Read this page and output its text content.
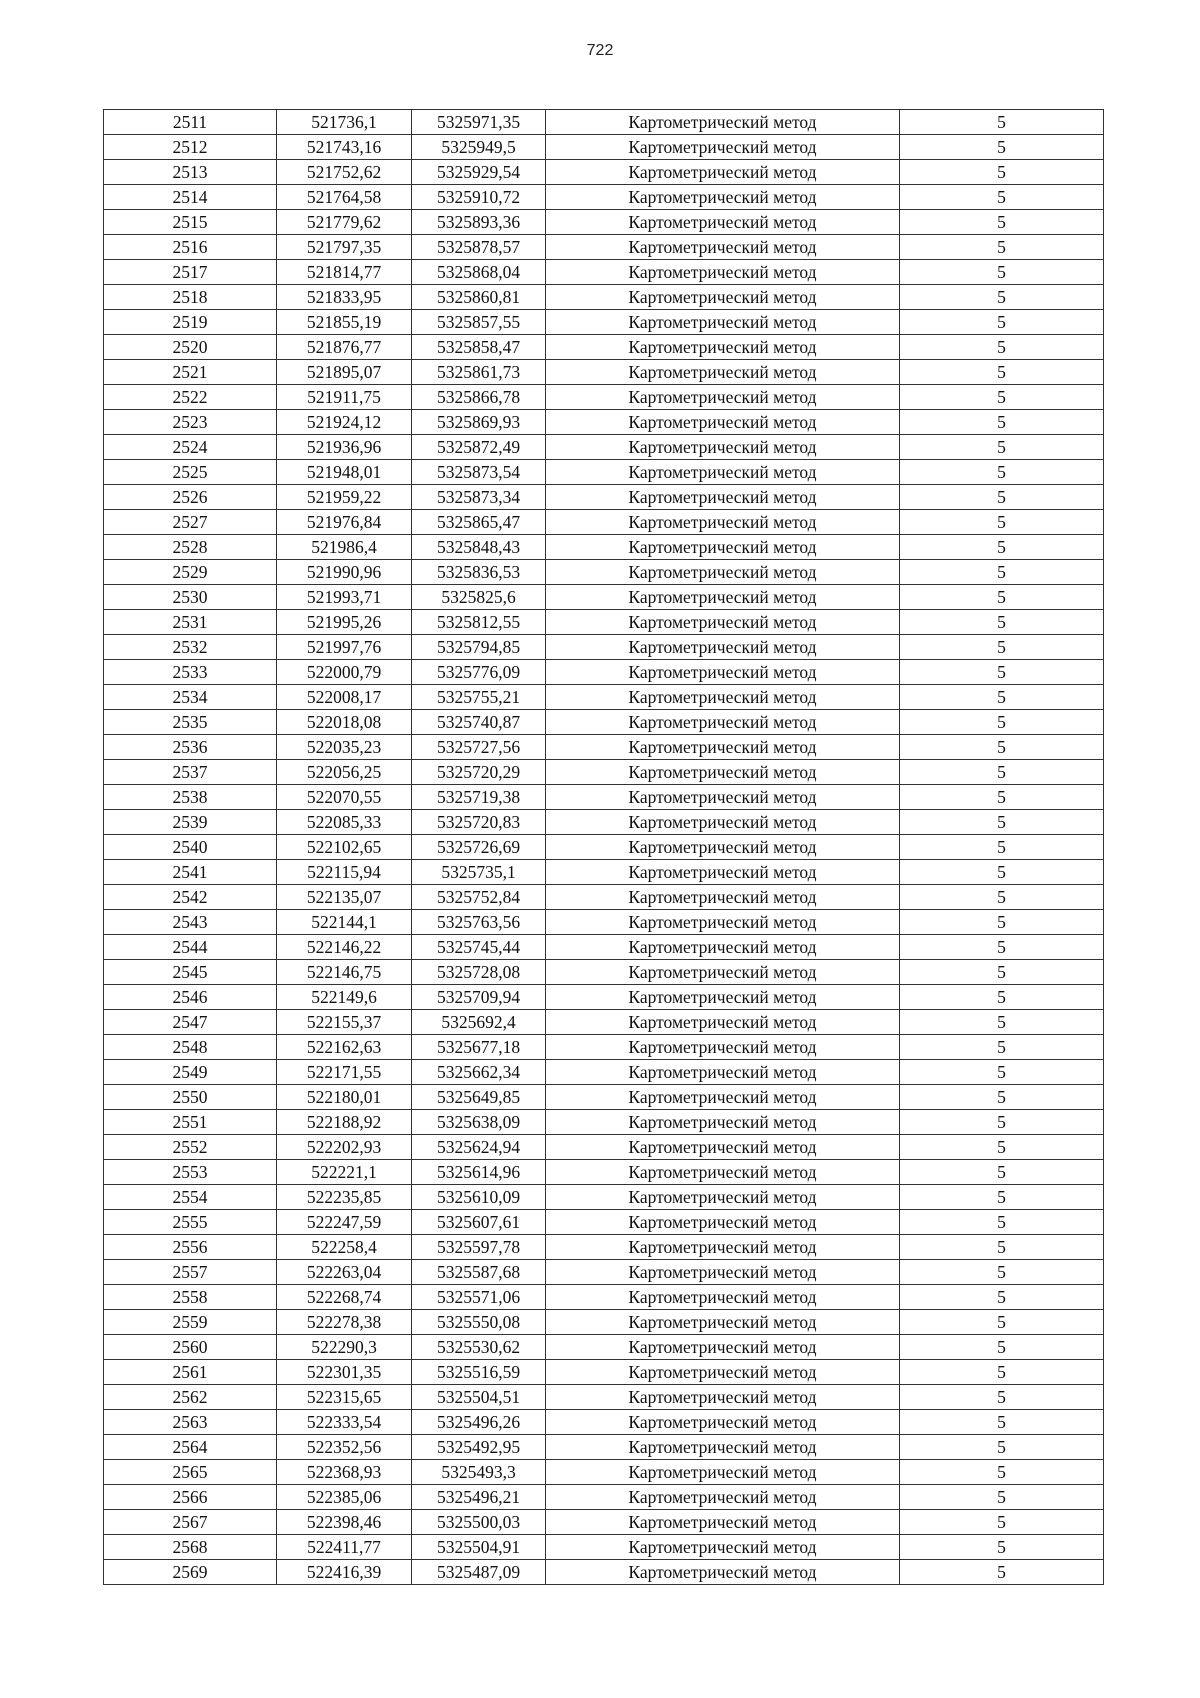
722
2511	521736,1	5325971,35	Картометрический метод	5
2512	521743,16	5325949,5	Картометрический метод	5
2513	521752,62	5325929,54	Картометрический метод	5
2514	521764,58	5325910,72	Картометрический метод	5
2515	521779,62	5325893,36	Картометрический метод	5
2516	521797,35	5325878,57	Картометрический метод	5
2517	521814,77	5325868,04	Картометрический метод	5
2518	521833,95	5325860,81	Картометрический метод	5
2519	521855,19	5325857,55	Картометрический метод	5
2520	521876,77	5325858,47	Картометрический метод	5
2521	521895,07	5325861,73	Картометрический метод	5
2522	521911,75	5325866,78	Картометрический метод	5
2523	521924,12	5325869,93	Картометрический метод	5
2524	521936,96	5325872,49	Картометрический метод	5
2525	521948,01	5325873,54	Картометрический метод	5
2526	521959,22	5325873,34	Картометрический метод	5
2527	521976,84	5325865,47	Картометрический метод	5
2528	521986,4	5325848,43	Картометрический метод	5
2529	521990,96	5325836,53	Картометрический метод	5
2530	521993,71	5325825,6	Картометрический метод	5
2531	521995,26	5325812,55	Картометрический метод	5
2532	521997,76	5325794,85	Картометрический метод	5
2533	522000,79	5325776,09	Картометрический метод	5
2534	522008,17	5325755,21	Картометрический метод	5
2535	522018,08	5325740,87	Картометрический метод	5
2536	522035,23	5325727,56	Картометрический метод	5
2537	522056,25	5325720,29	Картометрический метод	5
2538	522070,55	5325719,38	Картометрический метод	5
2539	522085,33	5325720,83	Картометрический метод	5
2540	522102,65	5325726,69	Картометрический метод	5
2541	522115,94	5325735,1	Картометрический метод	5
2542	522135,07	5325752,84	Картометрический метод	5
2543	522144,1	5325763,56	Картометрический метод	5
2544	522146,22	5325745,44	Картометрический метод	5
2545	522146,75	5325728,08	Картометрический метод	5
2546	522149,6	5325709,94	Картометрический метод	5
2547	522155,37	5325692,4	Картометрический метод	5
2548	522162,63	5325677,18	Картометрический метод	5
2549	522171,55	5325662,34	Картометрический метод	5
2550	522180,01	5325649,85	Картометрический метод	5
2551	522188,92	5325638,09	Картометрический метод	5
2552	522202,93	5325624,94	Картометрический метод	5
2553	522221,1	5325614,96	Картометрический метод	5
2554	522235,85	5325610,09	Картометрический метод	5
2555	522247,59	5325607,61	Картометрический метод	5
2556	522258,4	5325597,78	Картометрический метод	5
2557	522263,04	5325587,68	Картометрический метод	5
2558	522268,74	5325571,06	Картометрический метод	5
2559	522278,38	5325550,08	Картометрический метод	5
2560	522290,3	5325530,62	Картометрический метод	5
2561	522301,35	5325516,59	Картометрический метод	5
2562	522315,65	5325504,51	Картометрический метод	5
2563	522333,54	5325496,26	Картометрический метод	5
2564	522352,56	5325492,95	Картометрический метод	5
2565	522368,93	5325493,3	Картометрический метод	5
2566	522385,06	5325496,21	Картометрический метод	5
2567	522398,46	5325500,03	Картометрический метод	5
2568	522411,77	5325504,91	Картометрический метод	5
2569	522416,39	5325487,09	Картометрический метод	5
